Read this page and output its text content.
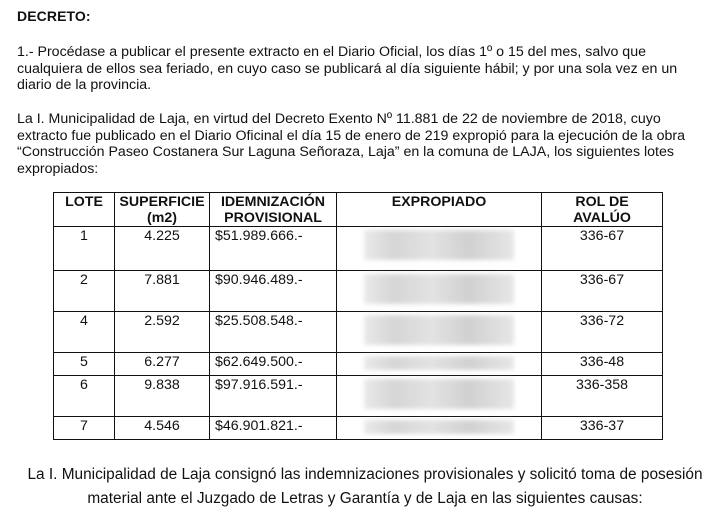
DECRETO:
1.- Procédase a publicar el presente extracto en el Diario Oficial, los días 1º o 15 del mes, salvo que cualquiera de ellos sea feriado, en cuyo caso se publicará al día siguiente hábil; y por una sola vez en un diario de la provincia.
La I. Municipalidad de Laja, en virtud del Decreto Exento Nº 11.881 de 22 de noviembre de 2018, cuyo extracto fue publicado en el Diario Oficinal el día 15 de enero de 219 expropió para la ejecución de la obra “Construcción Paseo Costanera Sur Laguna Señoraza, Laja” en la comuna de LAJA, los siguientes lotes expropiados:
LOTE	SUPERFICIE (m2)	IDEMNIZACIÓN PROVISIONAL	EXPROPIADO	ROL DE AVALÚO
1	4.225	$51.989.666.-		336-67
2	7.881	$90.946.489.-		336-67
4	2.592	$25.508.548.-		336-72
5	6.277	$62.649.500.-		336-48
6	9.838	$97.916.591.-		336-358
7	4.546	$46.901.821.-		336-37
La I. Municipalidad de Laja consignó las indemnizaciones provisionales y solicitó toma de posesión material ante el Juzgado de Letras y Garantía y de Laja en las siguientes causas:
